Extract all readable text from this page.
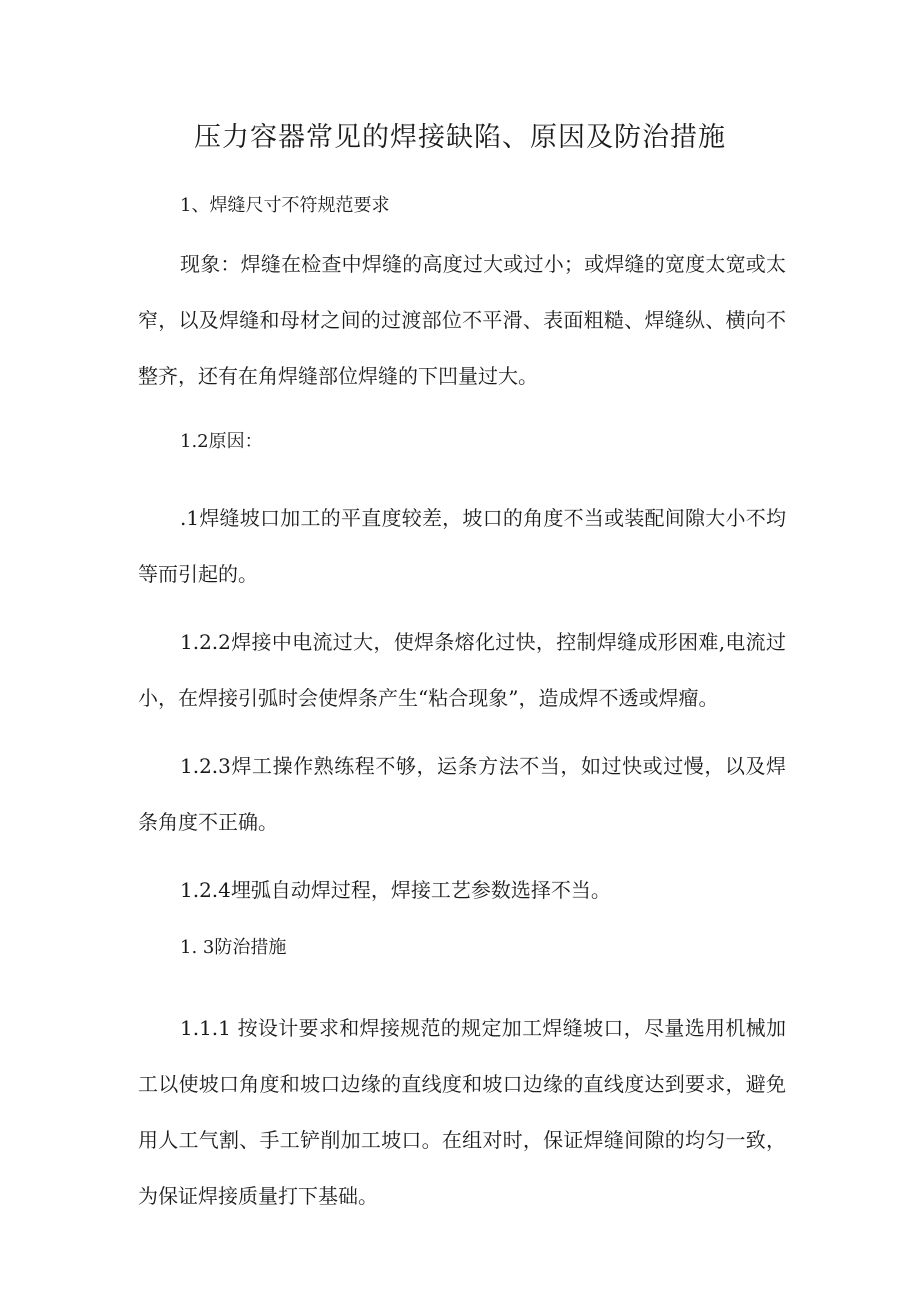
压力容器常见的焊接缺陷、原因及防治措施

1、焊缝尺寸不符规范要求

现象：焊缝在检查中焊缝的高度过大或过小；或焊缝的宽度太宽或太窄，以及焊缝和母材之间的过渡部位不平滑、表面粗糙、焊缝纵、横向不整齐，还有在角焊缝部位焊缝的下凹量过大。

1.2原因：

.1焊缝坡口加工的平直度较差，坡口的角度不当或装配间隙大小不均等而引起的。

1.2.2焊接中电流过大，使焊条熔化过快，控制焊缝成形困难,电流过小，在焊接引弧时会使焊条产生“粘合现象”，造成焊不透或焊瘤。

1.2.3焊工操作熟练程不够，运条方法不当，如过快或过慢，以及焊条角度不正确。

1.2.4埋弧自动焊过程，焊接工艺参数选择不当。

1. 3防治措施

1.1.1 按设计要求和焊接规范的规定加工焊缝坡口，尽量选用机械加工以使坡口角度和坡口边缘的直线度和坡口边缘的直线度达到要求，避免用人工气割、手工铲削加工坡口。在组对时，保证焊缝间隙的均匀一致，为保证焊接质量打下基础。
